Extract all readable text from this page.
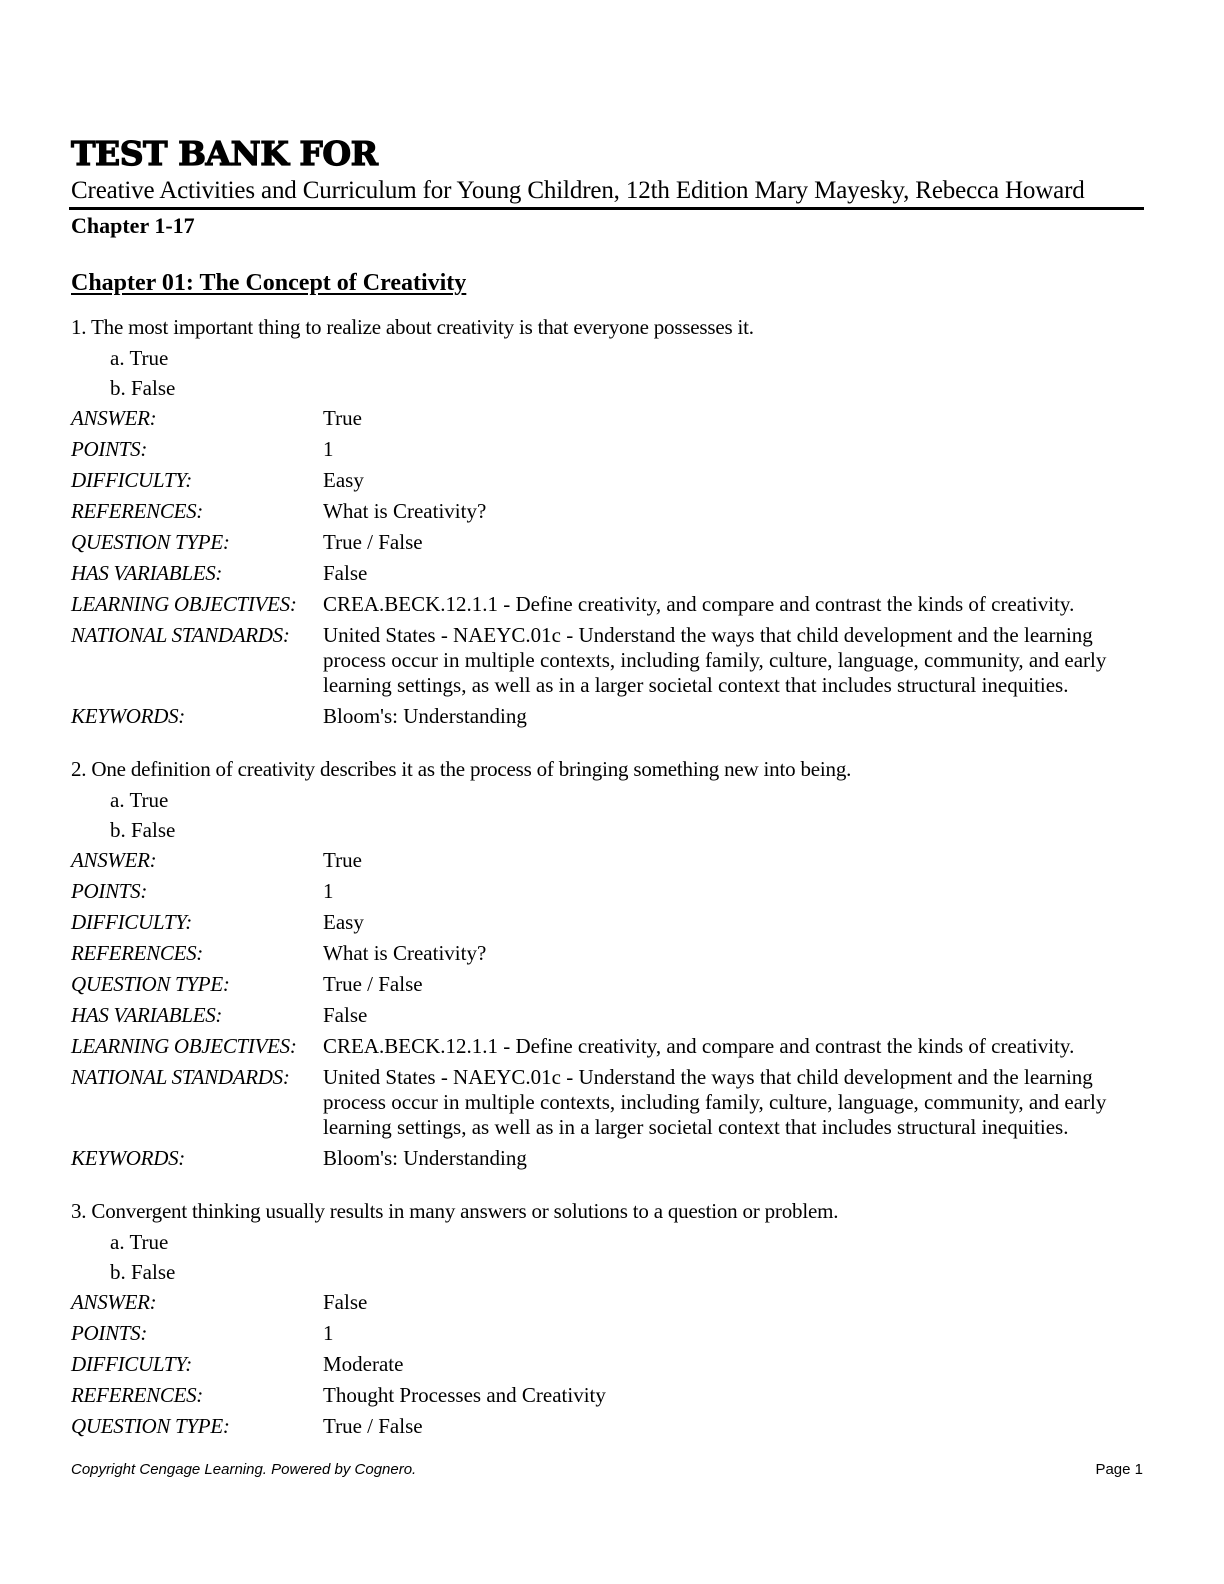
TEST BANK FOR
Creative Activities and Curriculum for Young Children, 12th Edition Mary Mayesky, Rebecca Howard
Chapter 1-17
Chapter 01: The Concept of Creativity
1. The most important thing to realize about creativity is that everyone possesses it.
a. True
b. False
ANSWER:	True
POINTS:	1
DIFFICULTY:	Easy
REFERENCES:	What is Creativity?
QUESTION TYPE:	True / False
HAS VARIABLES:	False
LEARNING OBJECTIVES:	CREA.BECK.12.1.1 - Define creativity, and compare and contrast the kinds of creativity.
NATIONAL STANDARDS:	United States - NAEYC.01c - Understand the ways that child development and the learning process occur in multiple contexts, including family, culture, language, community, and early learning settings, as well as in a larger societal context that includes structural inequities.
KEYWORDS:	Bloom's: Understanding
2. One definition of creativity describes it as the process of bringing something new into being.
a. True
b. False
ANSWER:	True
POINTS:	1
DIFFICULTY:	Easy
REFERENCES:	What is Creativity?
QUESTION TYPE:	True / False
HAS VARIABLES:	False
LEARNING OBJECTIVES:	CREA.BECK.12.1.1 - Define creativity, and compare and contrast the kinds of creativity.
NATIONAL STANDARDS:	United States - NAEYC.01c - Understand the ways that child development and the learning process occur in multiple contexts, including family, culture, language, community, and early learning settings, as well as in a larger societal context that includes structural inequities.
KEYWORDS:	Bloom's: Understanding
3. Convergent thinking usually results in many answers or solutions to a question or problem.
a. True
b. False
ANSWER:	False
POINTS:	1
DIFFICULTY:	Moderate
REFERENCES:	Thought Processes and Creativity
QUESTION TYPE:	True / False
Copyright Cengage Learning. Powered by Cognero.	Page 1
